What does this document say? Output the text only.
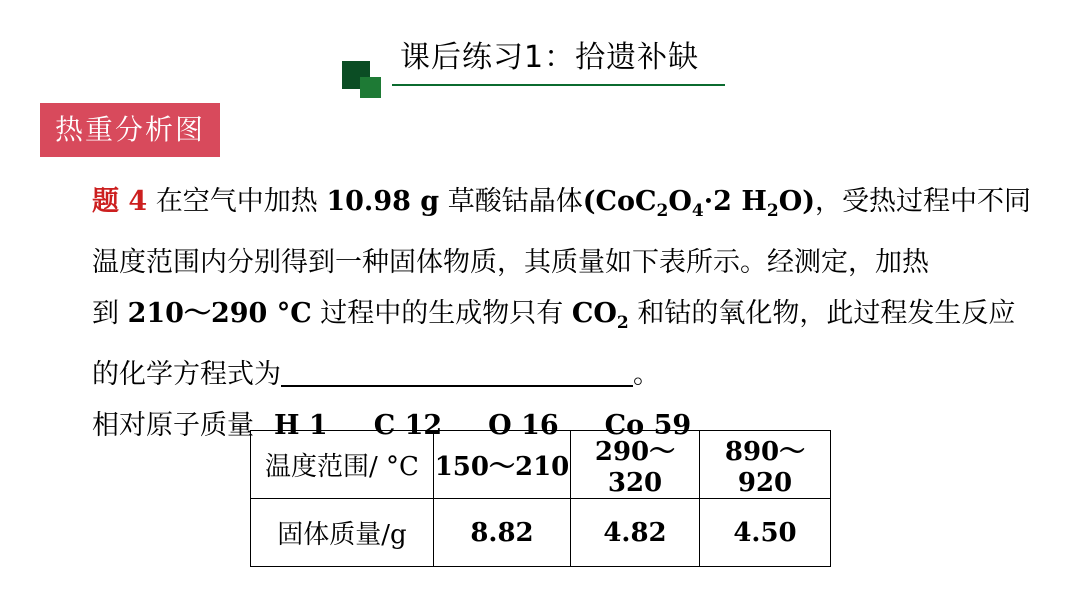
课后练习1：拾遗补缺
热重分析图

题 4 在空气中加热 10.98 g 草酸钴晶体($CoC_2O_4\cdot 2$ $H_2O$)，受热过程中不同

温度范围内分别得到一种固体物质，其质量如下表所示。经测定，加热

到 210～290 °C 过程中的生成物只有 $CO_2$ 和钴的氧化物，此过程发生反应

的化学方程式为	。

相对原子质量 H 1 C 12 O 16 Co 59

温度范围/ °C	150～210	290～320	890～920
固体质量/g	8.82	4.82	4.50
